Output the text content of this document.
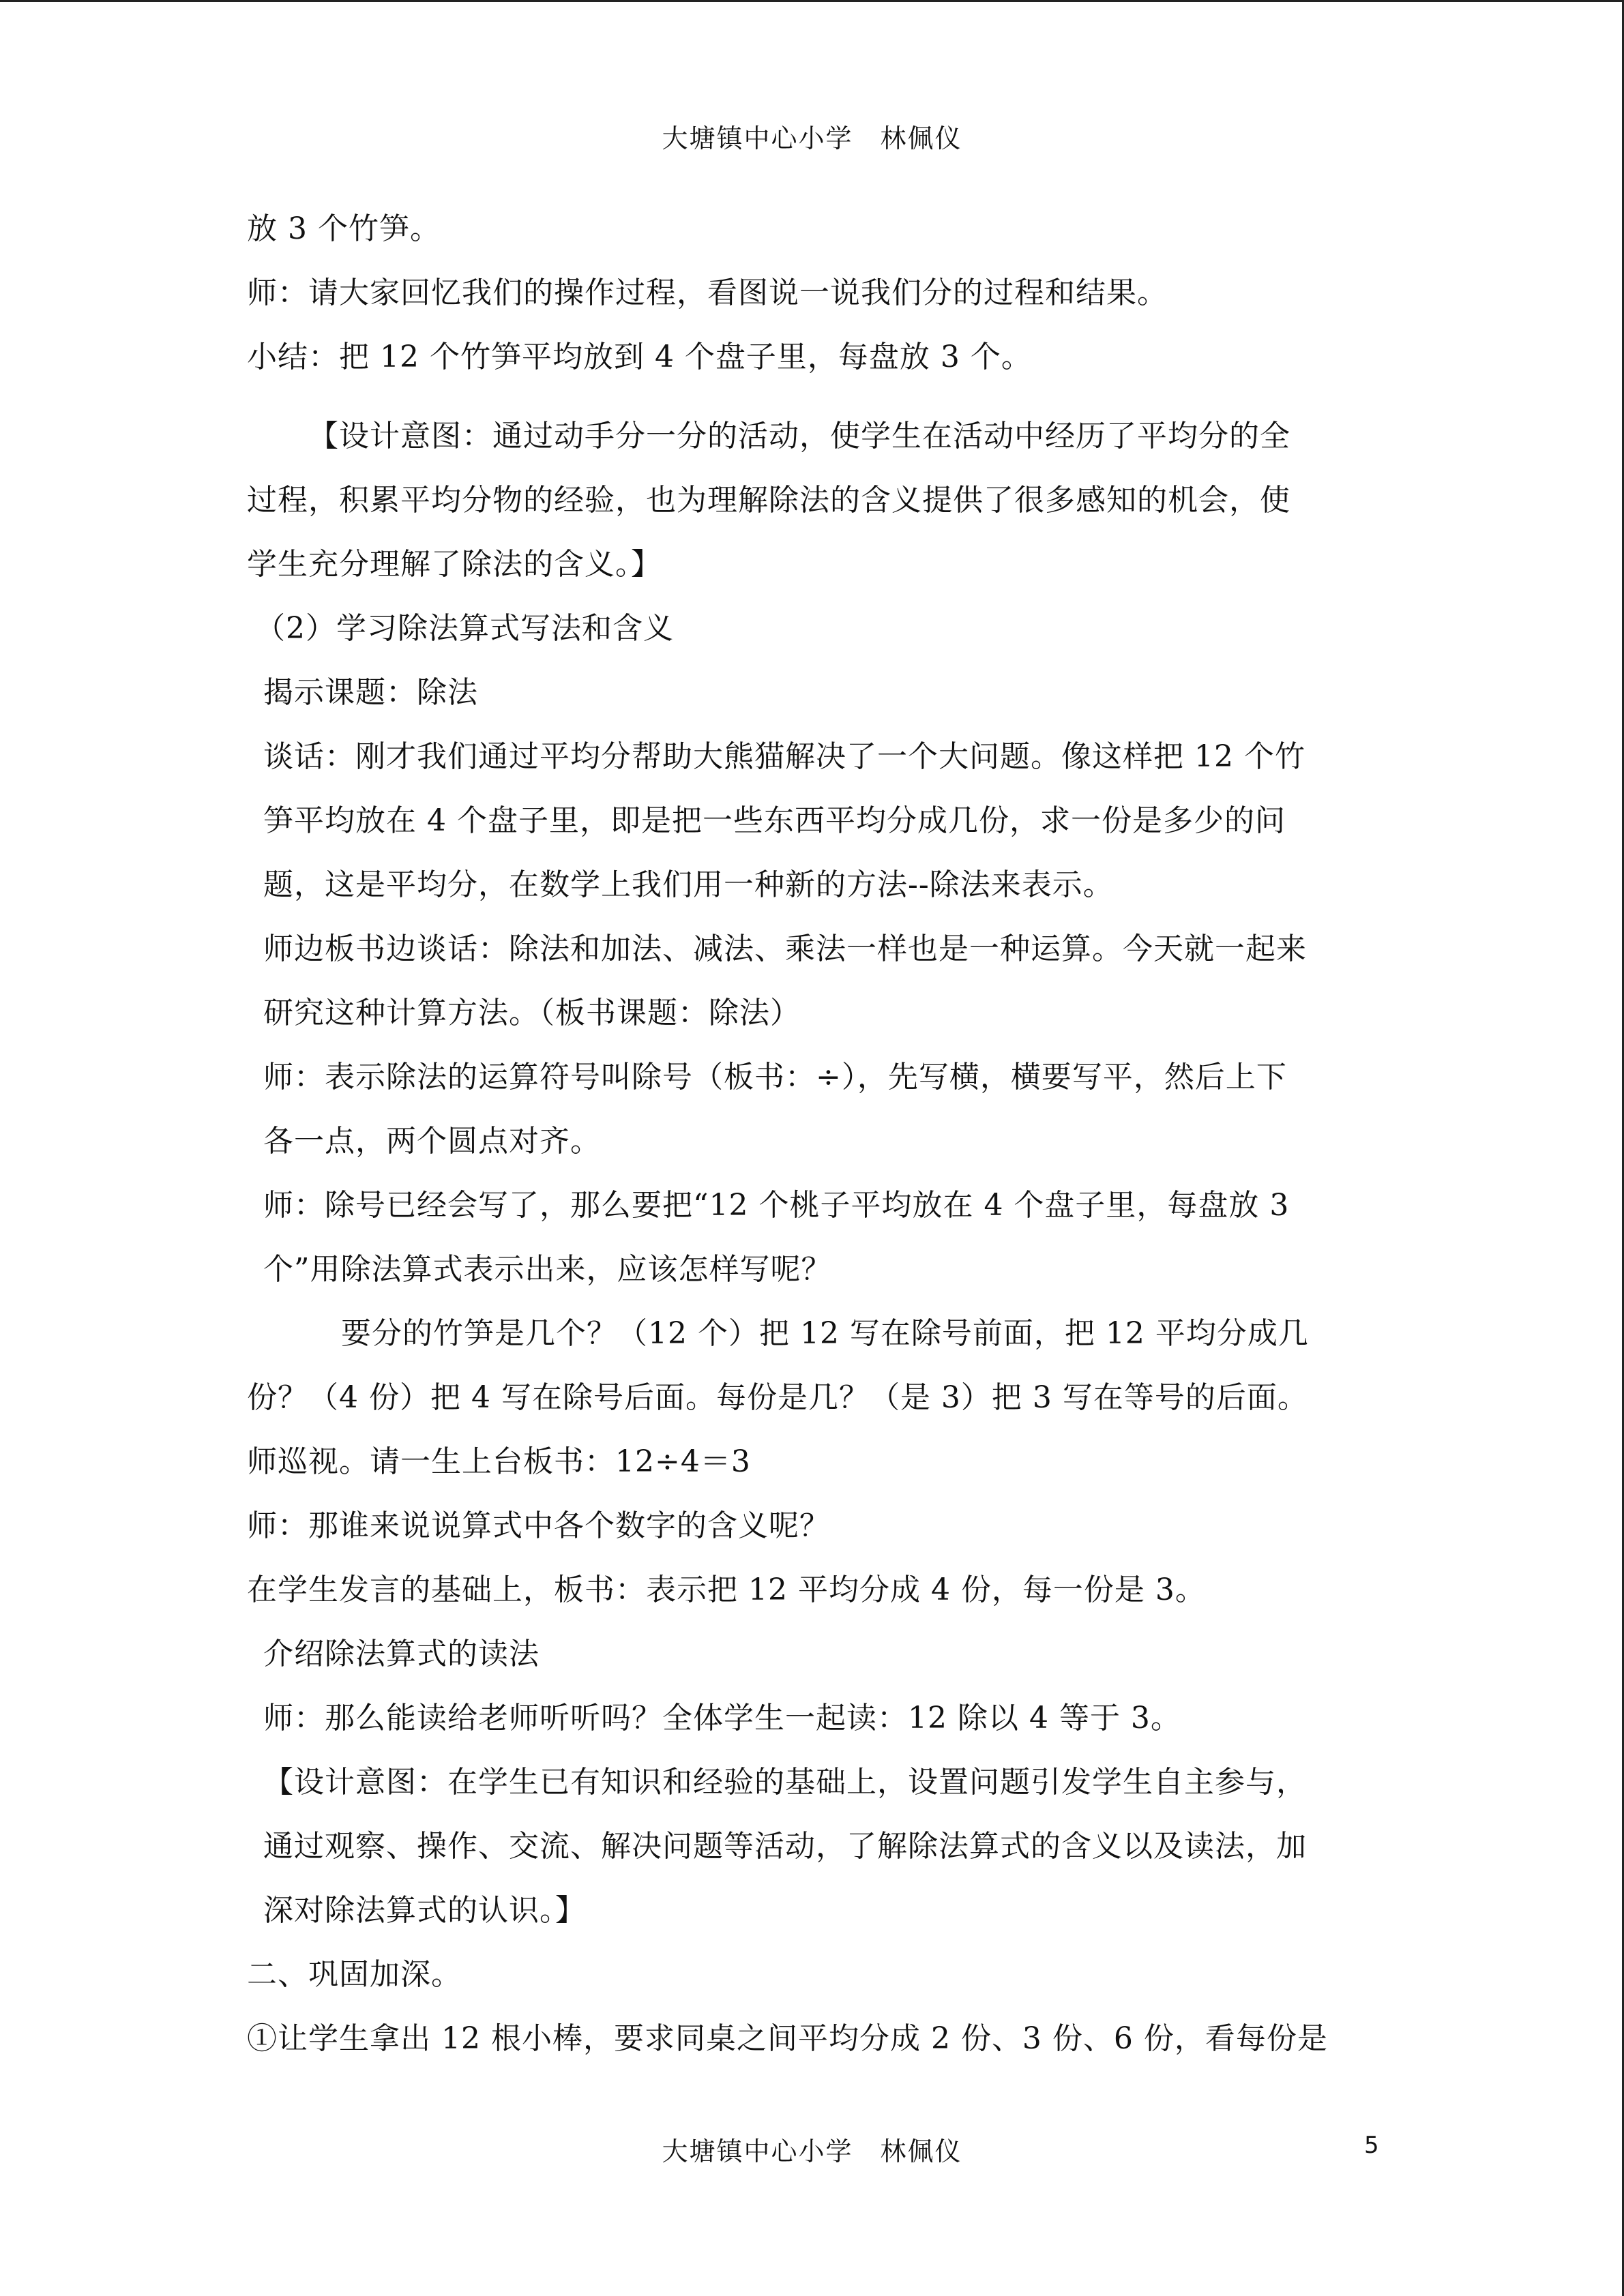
大塘镇中心小学　林佩仪
放 3 个竹笋。
师：请大家回忆我们的操作过程，看图说一说我们分的过程和结果。
小结：把 12 个竹笋平均放到 4 个盘子里，每盘放 3 个。
【设计意图：通过动手分一分的活动，使学生在活动中经历了平均分的全
过程，积累平均分物的经验，也为理解除法的含义提供了很多感知的机会，使
学生充分理解了除法的含义。】
（2）学习除法算式写法和含义
揭示课题：除法
谈话：刚才我们通过平均分帮助大熊猫解决了一个大问题。像这样把 12 个竹
笋平均放在 4 个盘子里，即是把一些东西平均分成几份，求一份是多少的问
题，这是平均分，在数学上我们用一种新的方法--除法来表示。
师边板书边谈话：除法和加法、减法、乘法一样也是一种运算。今天就一起来
研究这种计算方法。（板书课题：除法）
师：表示除法的运算符号叫除号（板书：÷），先写横，横要写平，然后上下
各一点，两个圆点对齐。
师：除号已经会写了，那么要把“12 个桃子平均放在 4 个盘子里，每盘放 3
个”用除法算式表示出来，应该怎样写呢？
要分的竹笋是几个？（12 个）把 12 写在除号前面，把 12 平均分成几
份？（4 份）把 4 写在除号后面。每份是几？（是 3）把 3 写在等号的后面。
师巡视。请一生上台板书：12÷4＝3
师：那谁来说说算式中各个数字的含义呢？
在学生发言的基础上，板书：表示把 12 平均分成 4 份，每一份是 3。
介绍除法算式的读法
师：那么能读给老师听听吗？全体学生一起读：12 除以 4 等于 3。
【设计意图：在学生已有知识和经验的基础上，设置问题引发学生自主参与，
通过观察、操作、交流、解决问题等活动，了解除法算式的含义以及读法，加
深对除法算式的认识。】
二、巩固加深。
①让学生拿出 12 根小棒，要求同桌之间平均分成 2 份、3 份、6 份，看每份是
大塘镇中心小学　林佩仪	5
